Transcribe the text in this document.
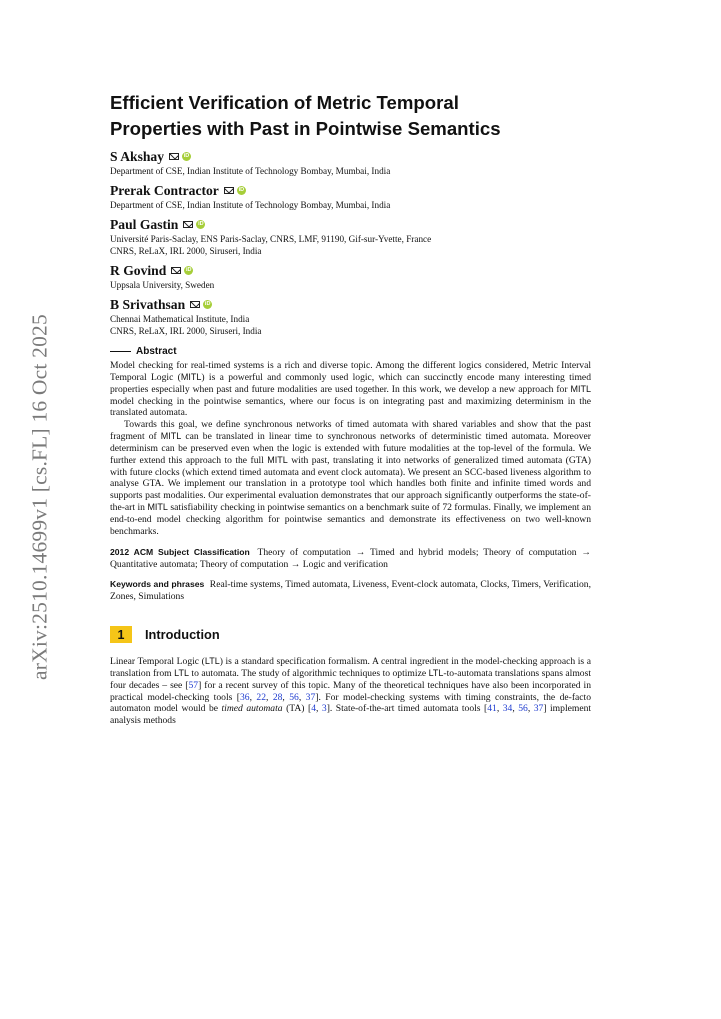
arXiv:2510.14699v1 [cs.FL] 16 Oct 2025
Efficient Verification of Metric Temporal
Properties with Past in Pointwise Semantics
S Akshay	iD
Department of CSE, Indian Institute of Technology Bombay, Mumbai, India
Prerak Contractor	iD
Department of CSE, Indian Institute of Technology Bombay, Mumbai, India
Paul Gastin	iD
Université Paris-Saclay, ENS Paris-Saclay, CNRS, LMF, 91190, Gif-sur-Yvette, France
CNRS, ReLaX, IRL 2000, Siruseri, India
R Govind	iD
Uppsala University, Sweden
B Srivathsan	iD
Chennai Mathematical Institute, India
CNRS, ReLaX, IRL 2000, Siruseri, India
Abstract

Model checking for real-timed systems is a rich and diverse topic. Among the different logics considered, Metric Interval Temporal Logic (MITL) is a powerful and commonly used logic, which can succinctly encode many interesting timed properties especially when past and future modalities are used together. In this work, we develop a new approach for MITL model checking in the pointwise semantics, where our focus is on integrating past and maximizing determinism in the translated automata.

Towards this goal, we define synchronous networks of timed automata with shared variables and show that the past fragment of MITL can be translated in linear time to synchronous networks of deterministic timed automata. Moreover determinism can be preserved even when the logic is extended with future modalities at the top-level of the formula. We further extend this approach to the full MITL with past, translating it into networks of generalized timed automata (GTA) with future clocks (which extend timed automata and event clock automata). We present an SCC-based liveness algorithm to analyse GTA. We implement our translation in a prototype tool which handles both finite and infinite timed words and supports past modalities. Our experimental evaluation demonstrates that our approach significantly outperforms the state-of-the-art in MITL satisfiability checking in pointwise semantics on a benchmark suite of 72 formulas. Finally, we implement an end-to-end model checking algorithm for pointwise semantics and demonstrate its effectiveness on two well-known benchmarks.

2012 ACM Subject Classification Theory of computation → Timed and hybrid models; Theory of computation → Quantitative automata; Theory of computation → Logic and verification
Keywords and phrases Real-time systems, Timed automata, Liveness, Event-clock automata, Clocks, Timers, Verification, Zones, Simulations
1	Introduction

Linear Temporal Logic (LTL) is a standard specification formalism. A central ingredient in the model-checking approach is a translation from LTL to automata. The study of algorithmic techniques to optimize LTL-to-automata translations spans almost four decades – see [57] for a recent survey of this topic. Many of the theoretical techniques have also been incorporated in practical model-checking tools [36, 22, 28, 56, 37]. For model-checking systems with timing constraints, the de-facto automaton model would be timed automata (TA) [4, 3]. State-of-the-art timed automata tools [41, 34, 56, 37] implement analysis methods
